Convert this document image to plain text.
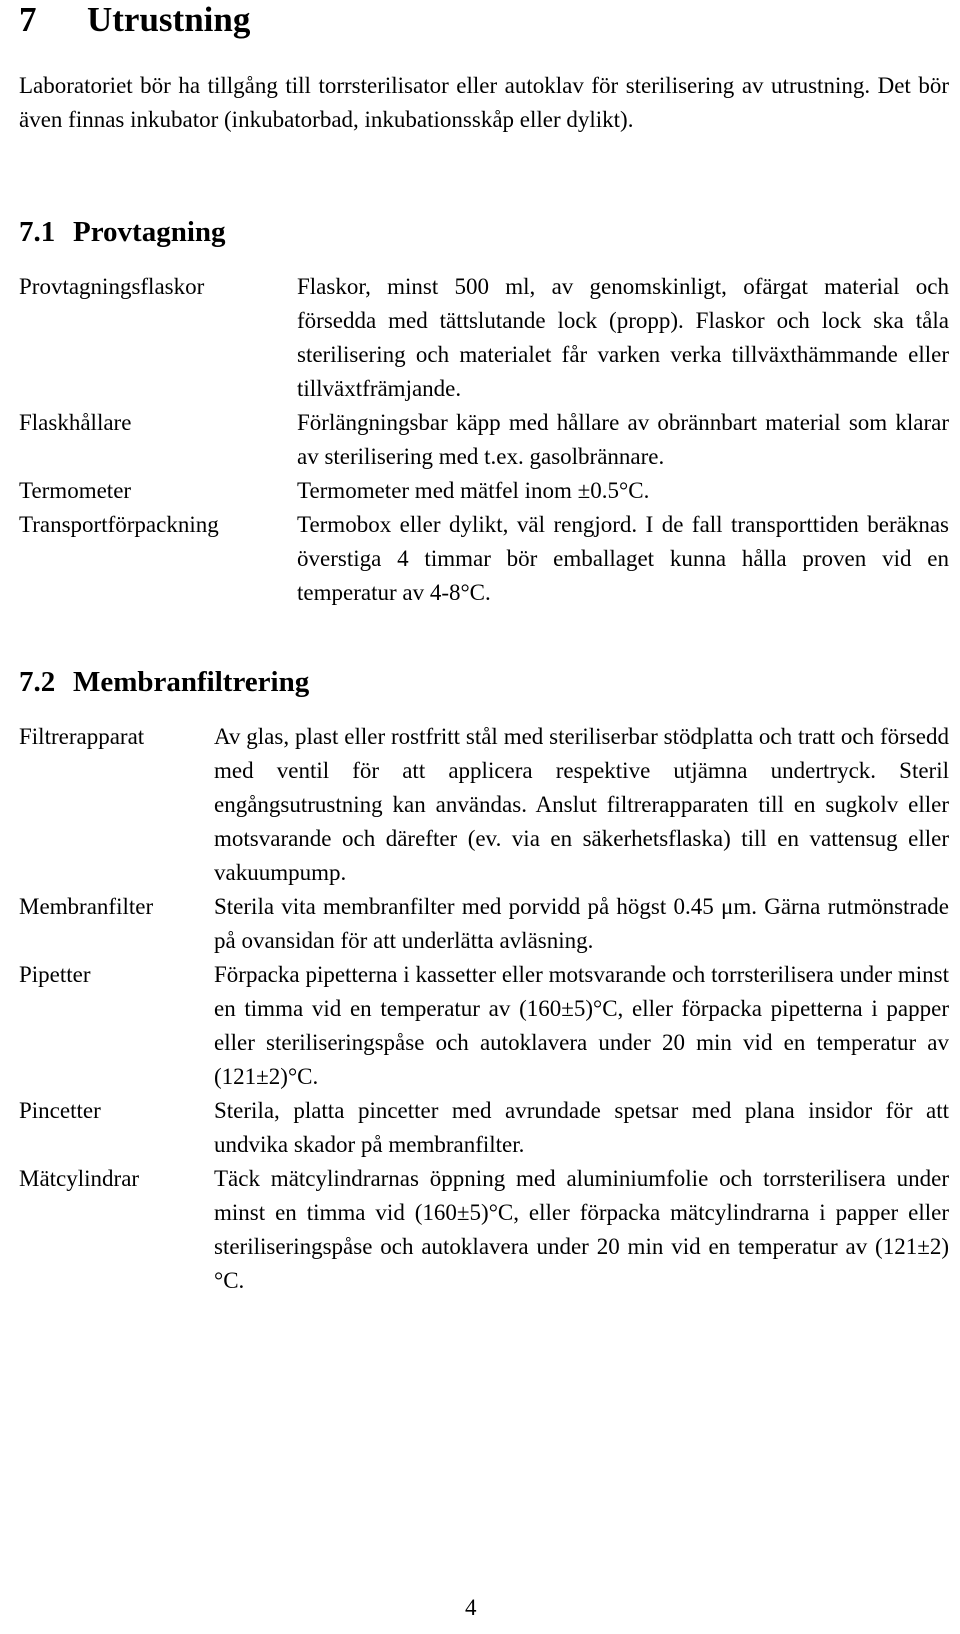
7 Utrustning

Laboratoriet bör ha tillgång till torrsterilisator eller autoklav för sterilisering av utrustning. Det bör även finnas inkubator (inkubatorbad, inkubationsskåp eller dylikt).

7.1 Provtagning
Provtagningsflaskor	Flaskor, minst 500 ml, av genomskinligt, ofärgat material och försedda med tättslutande lock (propp). Flaskor och lock ska tåla sterilisering och materialet får varken verka tillväxthämmande eller tillväxtfrämjande.
Flaskhållare	Förlängningsbar käpp med hållare av obrännbart material som klarar av sterilisering med t.ex. gasolbrännare.
Termometer	Termometer med mätfel inom ±0.5°C.
Transportförpackning	Termobox eller dylikt, väl rengjord. I de fall transporttiden beräknas överstiga 4 timmar bör emballaget kunna hålla proven vid en temperatur av 4-8°C.
7.2 Membranfiltrering
Filtrerapparat	Av glas, plast eller rostfritt stål med steriliserbar stödplatta och tratt och försedd med ventil för att applicera respektive utjämna undertryck. Steril engångsutrustning kan användas. Anslut filtrerapparaten till en sugkolv eller motsvarande och därefter (ev. via en säkerhetsflaska) till en vattensug eller vakuumpump.
Membranfilter	Sterila vita membranfilter med porvidd på högst 0.45 μm. Gärna rutmönstrade på ovansidan för att underlätta avläsning.
Pipetter	Förpacka pipetterna i kassetter eller motsvarande och torrsterilisera under minst en timma vid en temperatur av (160±5)°C, eller förpacka pipetterna i papper eller steriliseringspåse och autoklavera under 20 min vid en temperatur av (121±2)°C.
Pincetter	Sterila, platta pincetter med avrundade spetsar med plana insidor för att undvika skador på membranfilter.
Mätcylindrar	Täck mätcylindrarnas öppning med aluminiumfolie och torrsterilisera under minst en timma vid (160±5)°C, eller förpacka mätcylindrarna i papper eller steriliseringspåse och autoklavera under 20 min vid en temperatur av (121±2)°C.
4
